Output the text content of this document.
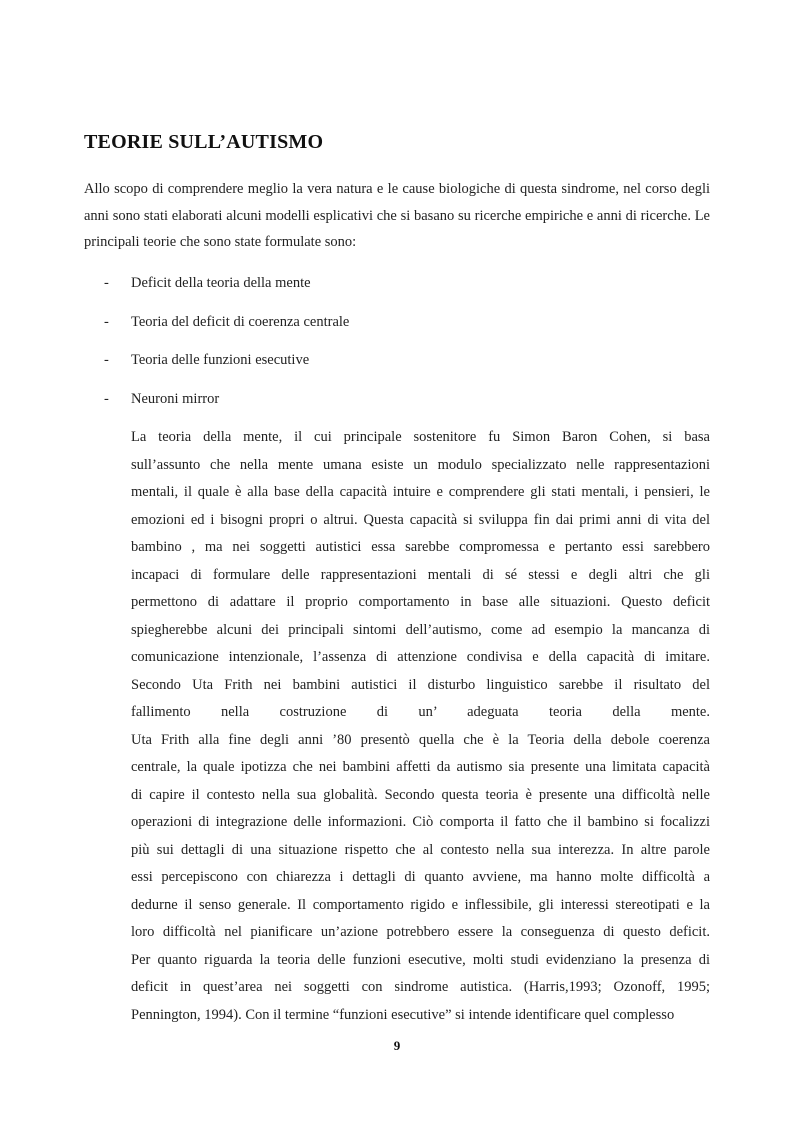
TEORIE SULL’AUTISMO

Allo scopo di comprendere meglio la vera natura e le cause biologiche di questa sindrome, nel corso degli anni sono stati elaborati alcuni modelli esplicativi che si basano su ricerche empiriche e anni di ricerche. Le principali teorie che sono state formulate sono:

-	Deficit della teoria della mente
-	Teoria del deficit di coerenza centrale
-	Teoria delle funzioni esecutive
-	Neuroni mirror

La teoria della mente, il cui principale sostenitore fu Simon Baron Cohen, si basa

sull’assunto che nella mente umana esiste un modulo specializzato nelle rappresentazioni

mentali, il quale è alla base della capacità intuire e comprendere gli stati mentali, i pensieri, le

emozioni ed i bisogni propri o altrui. Questa capacità si sviluppa fin dai primi anni di vita del

bambino , ma nei soggetti autistici essa sarebbe compromessa e pertanto essi sarebbero

incapaci di formulare delle rappresentazioni mentali di sé stessi e degli altri che gli

permettono di adattare il proprio comportamento in base alle situazioni. Questo deficit

spiegherebbe alcuni dei principali sintomi dell’autismo, come ad esempio la mancanza di

comunicazione intenzionale, l’assenza di attenzione condivisa e della capacità di imitare.

Secondo Uta Frith nei bambini autistici il disturbo linguistico sarebbe il risultato del

fallimento nella costruzione di un’ adeguata teoria della mente.

Uta Frith alla fine degli anni ’80 presentò quella che è la Teoria della debole coerenza

centrale, la quale ipotizza che nei bambini affetti da autismo sia presente una limitata capacità

di capire il contesto nella sua globalità. Secondo questa teoria è presente una difficoltà nelle

operazioni di integrazione delle informazioni. Ciò comporta il fatto che il bambino si focalizzi

più sui dettagli di una situazione rispetto che al contesto nella sua interezza. In altre parole

essi percepiscono con chiarezza i dettagli di quanto avviene, ma hanno molte difficoltà a

dedurne il senso generale. Il comportamento rigido e inflessibile, gli interessi stereotipati e la

loro difficoltà nel pianificare un’azione potrebbero essere la conseguenza di questo deficit.

Per quanto riguarda la teoria delle funzioni esecutive, molti studi evidenziano la presenza di

deficit in quest’area nei soggetti con sindrome autistica. (Harris,1993; Ozonoff, 1995;

Pennington, 1994). Con il termine “funzioni esecutive” si intende identificare quel complesso

9
